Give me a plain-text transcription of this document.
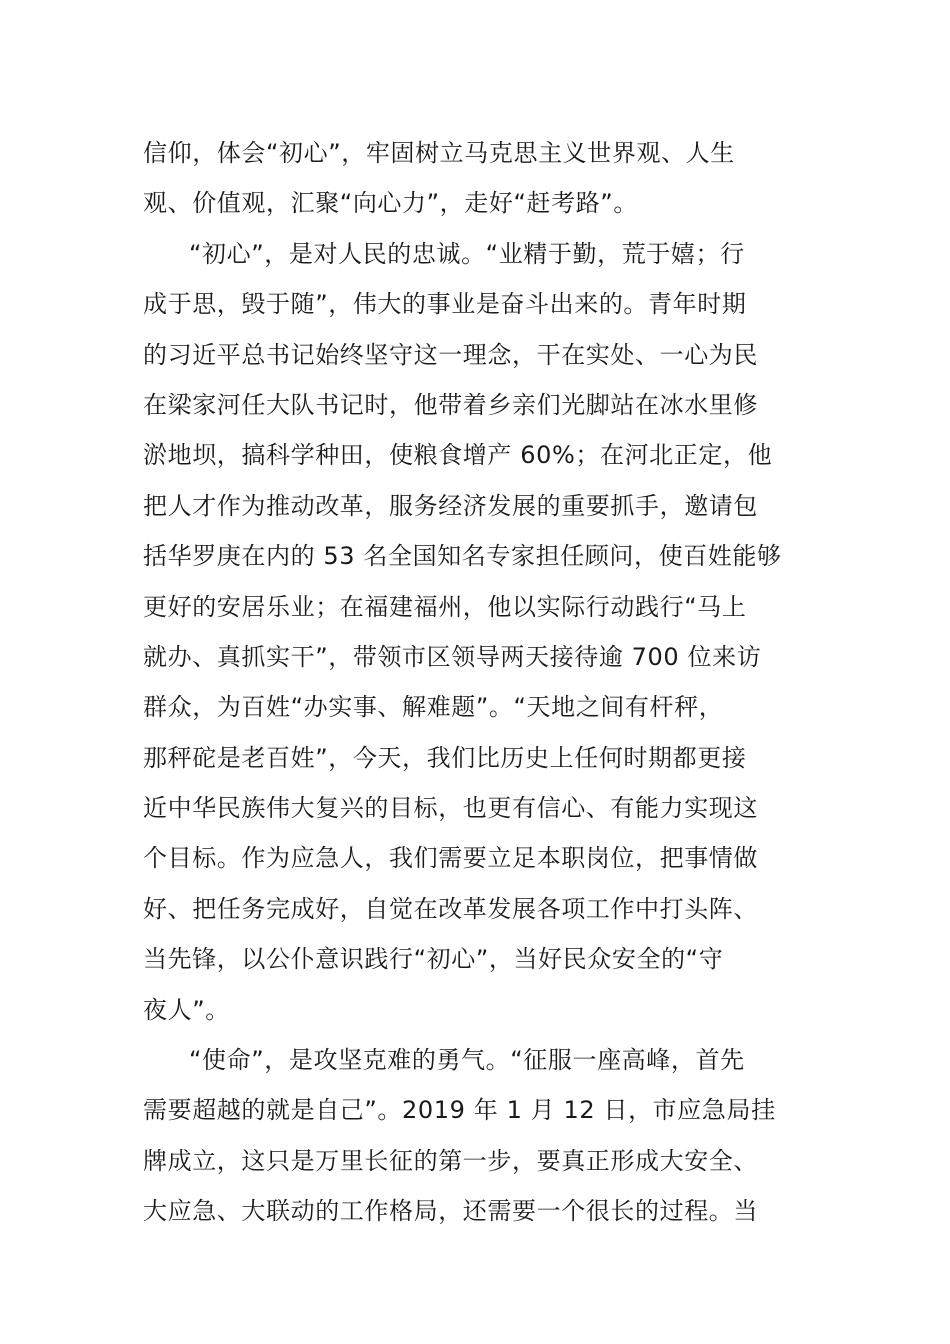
信仰，体会“初心”，牢固树立马克思主义世界观、人生
观、价值观，汇聚“向心力”，走好“赶考路”。

“初心”，是对人民的忠诚。“业精于勤，荒于嬉；行
成于思，毁于随”，伟大的事业是奋斗出来的。青年时期
的习近平总书记始终坚守这一理念，干在实处、一心为民
在梁家河任大队书记时，他带着乡亲们光脚站在冰水里修
淤地坝，搞科学种田，使粮食增产 60%；在河北正定，他
把人才作为推动改革，服务经济发展的重要抓手，邀请包
括华罗庚在内的 53 名全国知名专家担任顾问，使百姓能够
更好的安居乐业；在福建福州，他以实际行动践行“马上
就办、真抓实干”，带领市区领导两天接待逾 700 位来访
群众，为百姓“办实事、解难题”。“天地之间有杆秤，
那秤砣是老百姓”，今天，我们比历史上任何时期都更接
近中华民族伟大复兴的目标，也更有信心、有能力实现这
个目标。作为应急人，我们需要立足本职岗位，把事情做
好、把任务完成好，自觉在改革发展各项工作中打头阵、
当先锋，以公仆意识践行“初心”，当好民众安全的“守
夜人”。

“使命”，是攻坚克难的勇气。“征服一座高峰，首先
需要超越的就是自己”。2019 年 1 月 12 日，市应急局挂
牌成立，这只是万里长征的第一步，要真正形成大安全、
大应急、大联动的工作格局，还需要一个很长的过程。当
